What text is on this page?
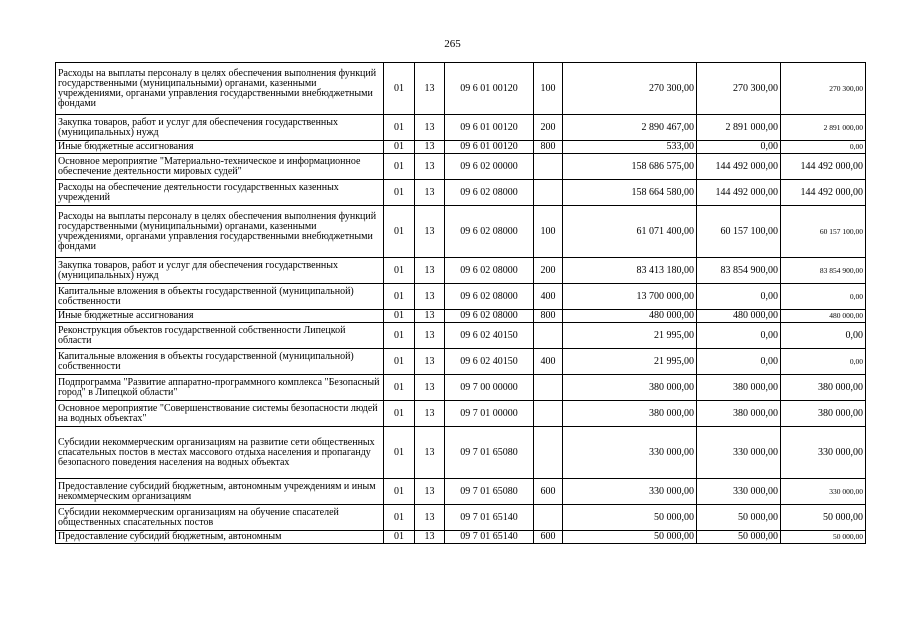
265
Расходы на выплаты персоналу в целях обеспечения выполнения функций государственными (муниципальными) органами, казенными учреждениями, органами управления государственными внебюджетными фондами	01	13	09 6 01 00120	100	270 300,00	270 300,00	270 300,00
Закупка товаров, работ и услуг для обеспечения государственных (муниципальных) нужд	01	13	09 6 01 00120	200	2 890 467,00	2 891 000,00	2 891 000,00
Иные бюджетные ассигнования	01	13	09 6 01 00120	800	533,00	0,00	0,00
Основное мероприятие "Материально-техническое и информационное обеспечение деятельности мировых судей"	01	13	09 6 02 00000		158 686 575,00	144 492 000,00	144 492 000,00
Расходы на обеспечение деятельности государственных казенных учреждений	01	13	09 6 02 08000		158 664 580,00	144 492 000,00	144 492 000,00
Расходы на выплаты персоналу в целях обеспечения выполнения функций государственными (муниципальными) органами, казенными учреждениями, органами управления государственными внебюджетными фондами	01	13	09 6 02 08000	100	61 071 400,00	60 157 100,00	60 157 100,00
Закупка товаров, работ и услуг для обеспечения государственных (муниципальных) нужд	01	13	09 6 02 08000	200	83 413 180,00	83 854 900,00	83 854 900,00
Капитальные вложения в объекты государственной (муниципальной) собственности	01	13	09 6 02 08000	400	13 700 000,00	0,00	0,00
Иные бюджетные ассигнования	01	13	09 6 02 08000	800	480 000,00	480 000,00	480 000,00
Реконструкция объектов государственной собственности Липецкой области	01	13	09 6 02 40150		21 995,00	0,00	0,00
Капитальные вложения в объекты государственной (муниципальной) собственности	01	13	09 6 02 40150	400	21 995,00	0,00	0,00
Подпрограмма "Развитие аппаратно-программного комплекса "Безопасный город" в Липецкой области"	01	13	09 7 00 00000		380 000,00	380 000,00	380 000,00
Основное мероприятие "Совершенствование системы безопасности людей на водных объектах"	01	13	09 7 01 00000		380 000,00	380 000,00	380 000,00
Субсидии некоммерческим организациям на развитие сети общественных спасательных постов в местах массового отдыха населения и пропаганду безопасного поведения населения на водных объектах	01	13	09 7 01 65080		330 000,00	330 000,00	330 000,00
Предоставление субсидий бюджетным, автономным учреждениям и иным некоммерческим организациям	01	13	09 7 01 65080	600	330 000,00	330 000,00	330 000,00
Субсидии некоммерческим организациям на обучение спасателей общественных спасательных постов	01	13	09 7 01 65140		50 000,00	50 000,00	50 000,00
Предоставление субсидий бюджетным, автономным	01	13	09 7 01 65140	600	50 000,00	50 000,00	50 000,00
